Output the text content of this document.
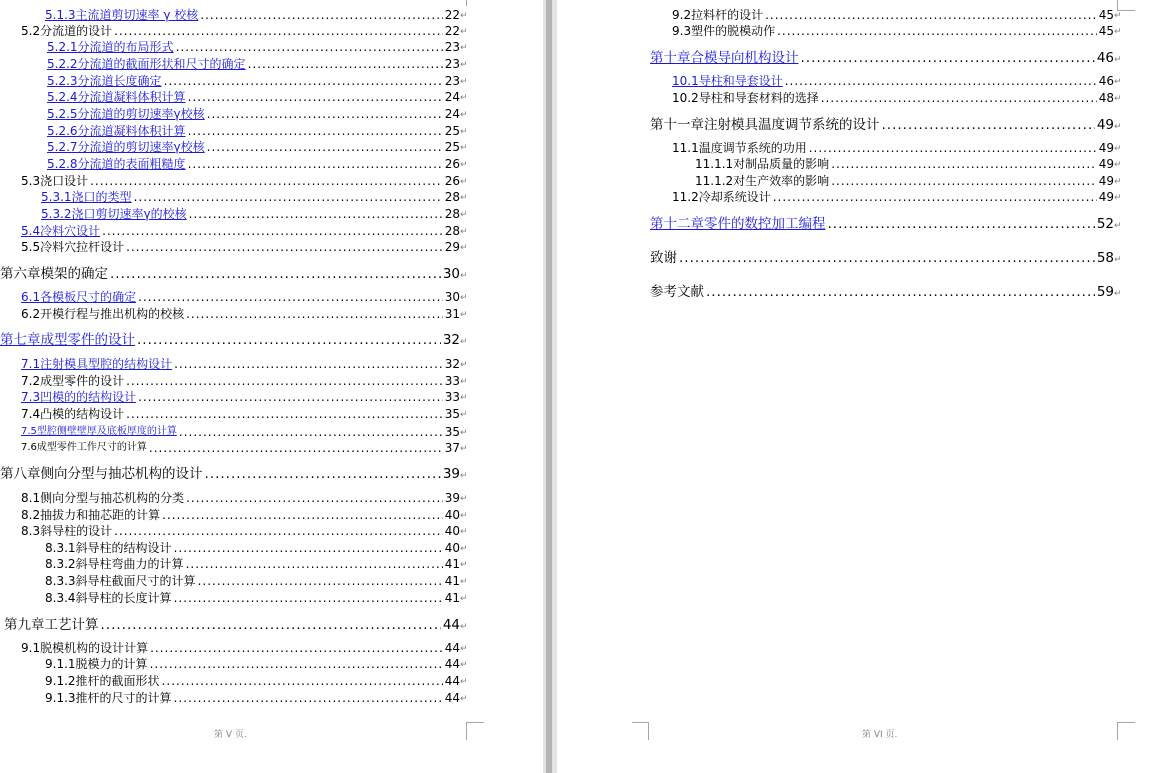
第 V 页.	第 VI 页.
5.1.3 主流道剪切速率 γ 校核 .....	22 ↵
5.2 分流道的设计 .....	22 ↵
5.2.1 分流道的布局形式 .....	23 ↵
5.2.2 分流道的截面形状和尺寸的确定 .....	23 ↵
5.2.3 分流道长度确定 .....	23 ↵
5.2.4 分流道凝料体积计算 .....	24 ↵
5.2.5 分流道的剪切速率γ校核 .....	24 ↵
5.2.6 分流道凝料体积计算 .....	25 ↵
5.2.7 分流道的剪切速率γ校核 .....	25 ↵
5.2.8 分流道的表面粗糙度 .....	26 ↵
5.3 浇口设计 .....	26 ↵
5.3.1 浇口的类型 .....	28 ↵
5.3.2 浇口剪切速率γ的校核 .....	28 ↵
5.4 冷料穴设计 .....	28 ↵
5.5 冷料穴拉杆设计 .....	29 ↵
第六章 模架的确定 .....	30 ↵
6.1 各模板尺寸的确定 .....	30 ↵
6.2 开模行程与推出机构的校核 .....	31 ↵
第七章 成型零件的设计 .....	32 ↵
7.1 注射模具型腔的结构设计 .....	32 ↵
7.2 成型零件的设计 .....	33 ↵
7.3 凹模的的结构设计 .....	33 ↵
7.4 凸模的结构设计 .....	35 ↵
7.5 型腔侧壁壁厚及底板厚度的计算 .....	35 ↵
7.6 成型零件工作尺寸的计算 .....	37 ↵
第八章 侧向分型与抽芯机构的设计 .....	39 ↵
8.1 侧向分型与抽芯机构的分类 .....	39 ↵
8.2 抽拔力和抽芯距的计算 .....	40 ↵
8.3 斜导柱的设计 .....	40 ↵
8.3.1 斜导柱的结构设计 .....	40 ↵
8.3.2 斜导柱弯曲力的计算 .....	41 ↵
8.3.3 斜导柱截面尺寸的计算 .....	41 ↵
8.3.4 斜导柱的长度计算 .....	41 ↵
第九章 工艺计算 .....	44 ↵
9.1 脱模机构的设计计算 .....	44 ↵
9.1.1 脱模力的计算 .....	44 ↵
9.1.2 推杆的截面形状 .....	44 ↵
9.1.3 推杆的尺寸的计算 .....	44 ↵
9.2 拉料杆的设计 .....	45 ↵
9.3 塑件的脱模动作 .....	45 ↵
第十章 合模导向机构设计 .....	46 ↵
10.1 导柱和导套设计 .....	46 ↵
10.2 导柱和导套材料的选择 .....	48 ↵
第十一章 注射模具温度调节系统的设计 .....	49 ↵
11.1 温度调节系统的功用 .....	49 ↵
11.1.1 对制品质量的影响 .....	49 ↵
11.1.2 对生产效率的影响 .....	49 ↵
11.2 冷却系统设计 .....	49 ↵
第十二章 零件的数控加工编程 .....	52 ↵
致 谢 .....	58 ↵
参考文献 .....	59 ↵
